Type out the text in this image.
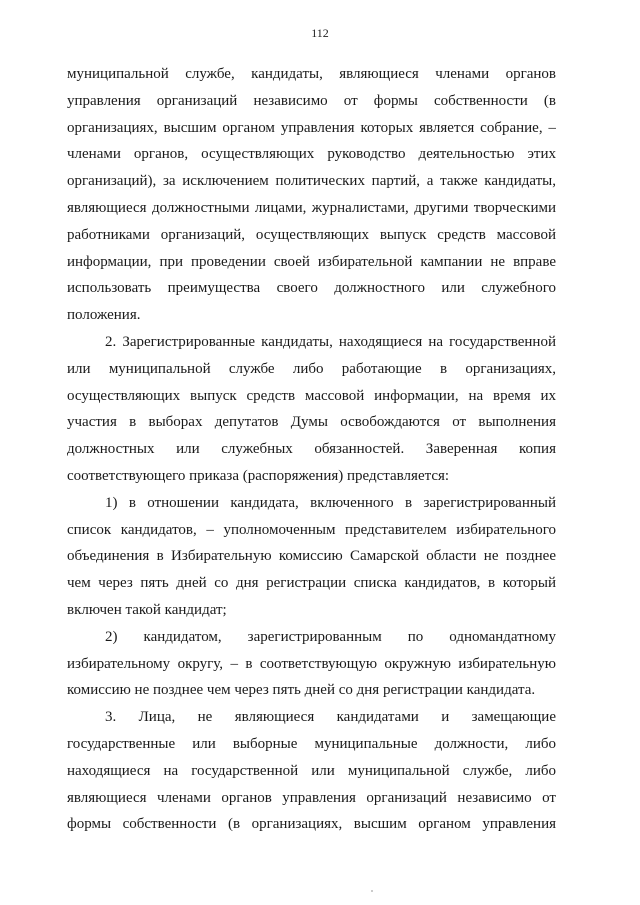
112
муниципальной службе, кандидаты, являющиеся членами органов
управления организаций независимо от формы собственности (в
организациях, высшим органом управления которых является собрание, –
членами органов, осуществляющих руководство деятельностью этих
организаций), за исключением политических партий, а также кандидаты,
являющиеся должностными лицами, журналистами, другими творческими
работниками организаций, осуществляющих выпуск средств массовой
информации, при проведении своей избирательной кампании не вправе
использовать преимущества своего должностного или служебного
положения.
2. Зарегистрированные кандидаты, находящиеся на государственной
или муниципальной службе либо работающие в организациях,
осуществляющих выпуск средств массовой информации, на время их
участия в выборах депутатов Думы освобождаются от выполнения
должностных или служебных обязанностей. Заверенная копия
соответствующего приказа (распоряжения) представляется:
1) в отношении кандидата, включенного в зарегистрированный
список кандидатов, – уполномоченным представителем избирательного
объединения в Избирательную комиссию Самарской области не позднее
чем через пять дней со дня регистрации списка кандидатов, в который
включен такой кандидат;
2) кандидатом, зарегистрированным по одномандатному
избирательному округу, – в соответствующую окружную избирательную
комиссию не позднее чем через пять дней со дня регистрации кандидата.
3. Лица, не являющиеся кандидатами и замещающие
государственные или выборные муниципальные должности, либо
находящиеся на государственной или муниципальной службе, либо
являющиеся членами органов управления организаций независимо от
формы собственности (в организациях, высшим органом управления
